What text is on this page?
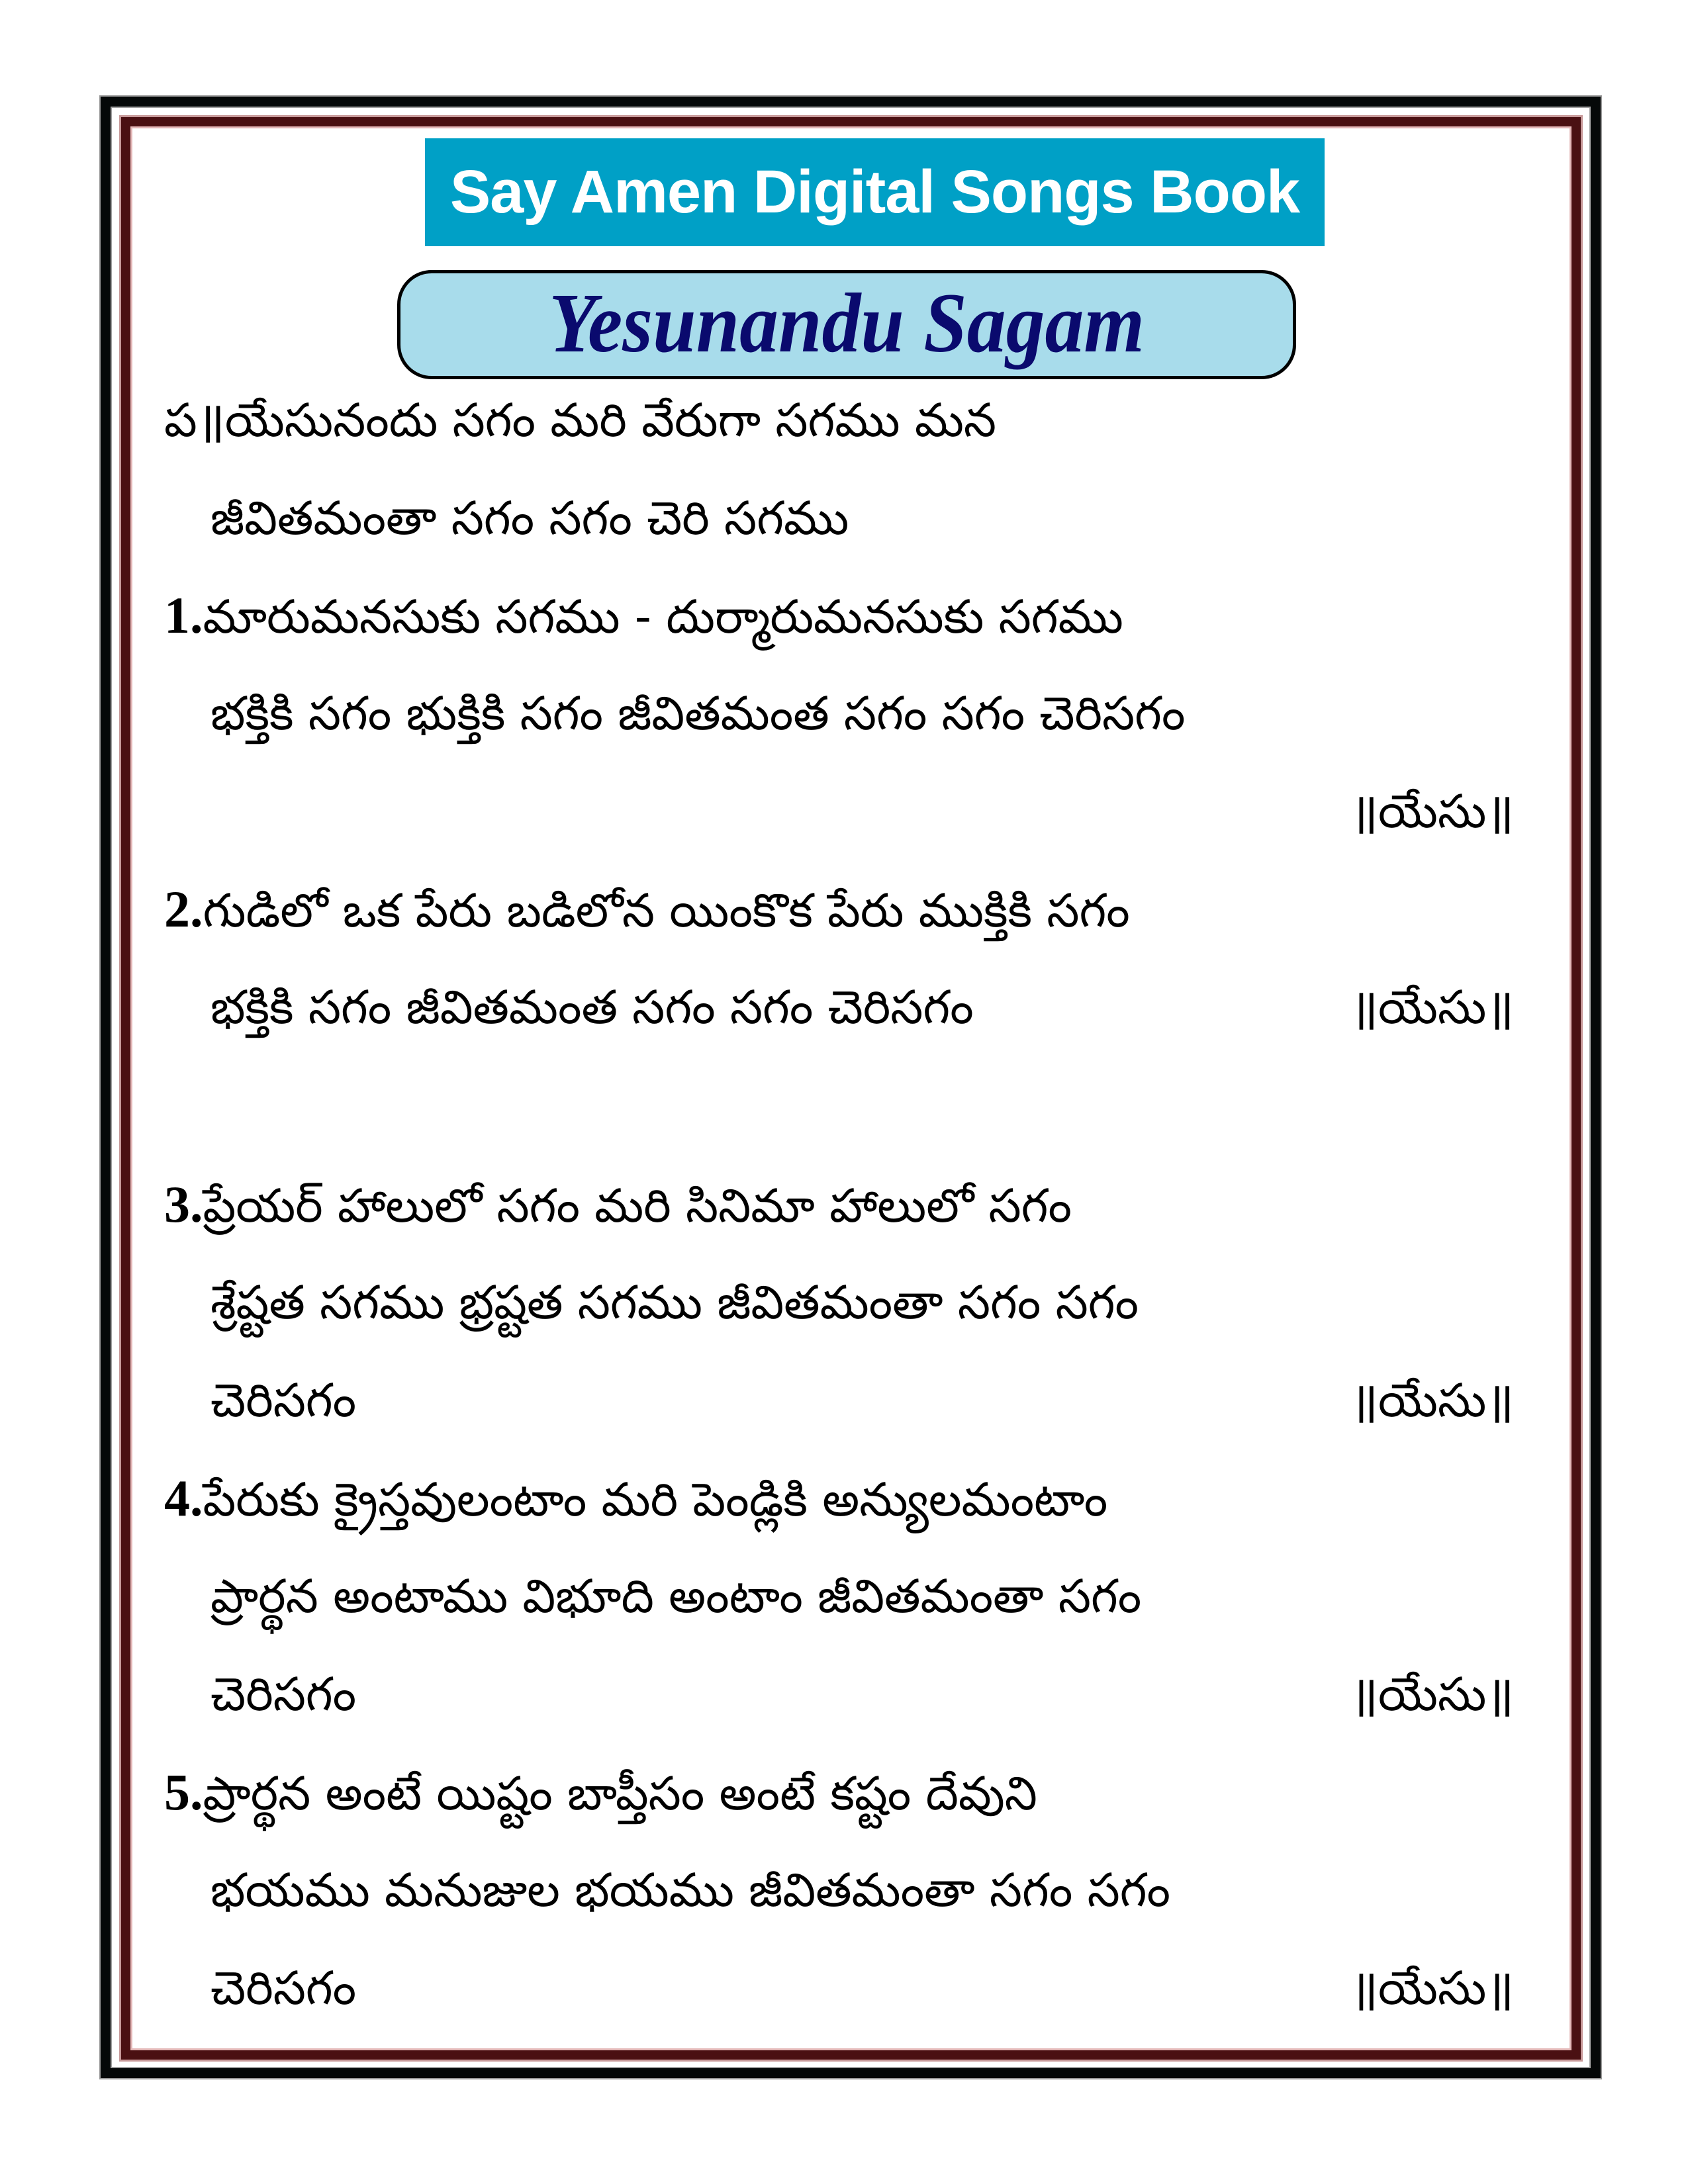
Say Amen Digital Songs Book
Yesunandu Sagam
ప॥యేసునందు సగం మరి వేరుగా సగము మన
జీవితమంతా సగం సగం చెరి సగము
1.మారుమనసుకు సగము - దుర్మారుమనసుకు సగము
భక్తికి సగం భుక్తికి సగం జీవితమంత సగం సగం చెరిసగం
॥యేసు॥
2.గుడిలో ఒక పేరు బడిలోన యింకొక పేరు ముక్తికి సగం
భక్తికి సగం జీవితమంత సగం సగం చెరిసగం	॥యేసు॥
3.ప్రేయర్ హాలులో సగం మరి సినిమా హాలులో సగం
శ్రేష్టత సగము భ్రష్టత సగము జీవితమంతా సగం సగం
చెరిసగం	॥యేసు॥
4.పేరుకు క్రైస్తవులంటాం మరి పెండ్లికి అన్యులమంటాం
ప్రార్థన అంటాము విభూది అంటాం జీవితమంతా సగం
చెరిసగం	॥యేసు॥
5.ప్రార్థన అంటే యిష్టం బాప్తీసం అంటే కష్టం దేవుని
భయము మనుజుల భయము జీవితమంతా సగం సగం
చెరిసగం	॥యేసు॥
